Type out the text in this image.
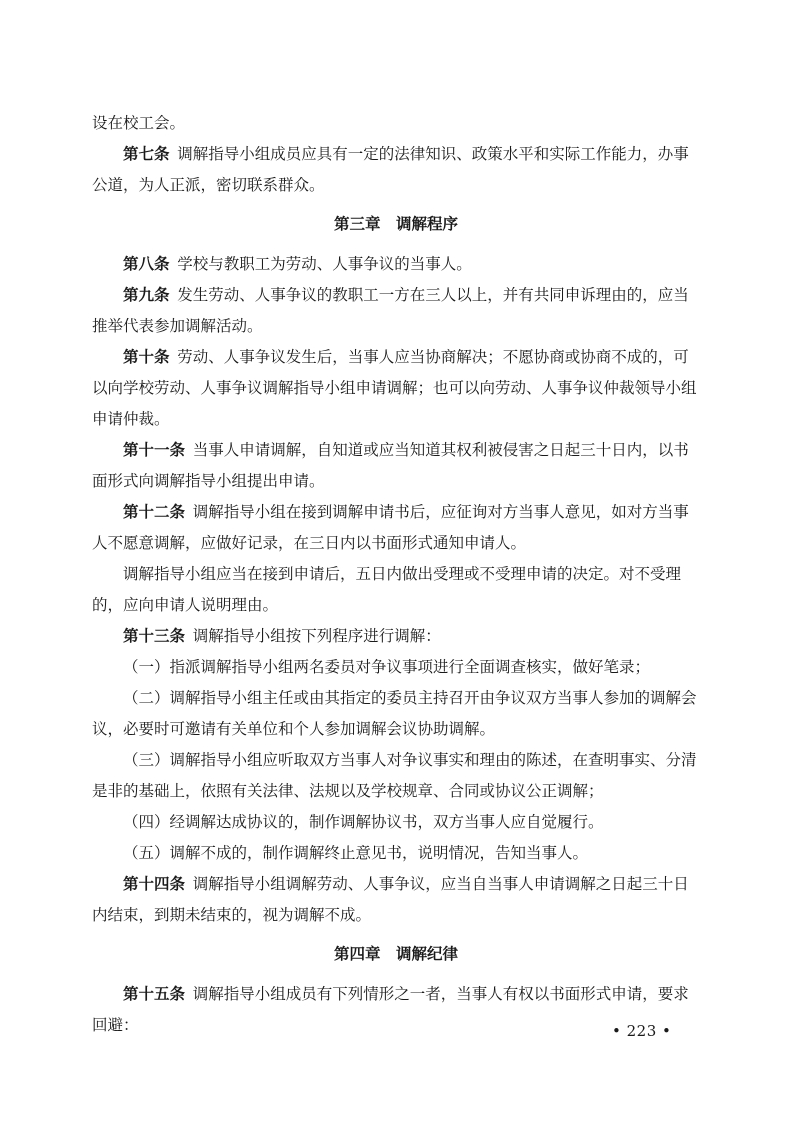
设在校工会。

第七条 调解指导小组成员应具有一定的法律知识、政策水平和实际工作能力，办事公道，为人正派，密切联系群众。

第三章　调解程序

第八条 学校与教职工为劳动、人事争议的当事人。

第九条 发生劳动、人事争议的教职工一方在三人以上，并有共同申诉理由的，应当推举代表参加调解活动。

第十条 劳动、人事争议发生后，当事人应当协商解决；不愿协商或协商不成的，可以向学校劳动、人事争议调解指导小组申请调解；也可以向劳动、人事争议仲裁领导小组申请仲裁。

第十一条 当事人申请调解，自知道或应当知道其权利被侵害之日起三十日内，以书面形式向调解指导小组提出申请。

第十二条 调解指导小组在接到调解申请书后，应征询对方当事人意见，如对方当事人不愿意调解，应做好记录，在三日内以书面形式通知申请人。

调解指导小组应当在接到申请后，五日内做出受理或不受理申请的决定。对不受理的，应向申请人说明理由。

第十三条 调解指导小组按下列程序进行调解：

（一）指派调解指导小组两名委员对争议事项进行全面调查核实，做好笔录；

（二）调解指导小组主任或由其指定的委员主持召开由争议双方当事人参加的调解会议，必要时可邀请有关单位和个人参加调解会议协助调解。

（三）调解指导小组应听取双方当事人对争议事实和理由的陈述，在查明事实、分清是非的基础上，依照有关法律、法规以及学校规章、合同或协议公正调解；

（四）经调解达成协议的，制作调解协议书，双方当事人应自觉履行。

（五）调解不成的，制作调解终止意见书，说明情况，告知当事人。

第十四条 调解指导小组调解劳动、人事争议，应当自当事人申请调解之日起三十日内结束，到期未结束的，视为调解不成。

第四章　调解纪律

第十五条 调解指导小组成员有下列情形之一者，当事人有权以书面形式申请，要求回避：	• 223 •
